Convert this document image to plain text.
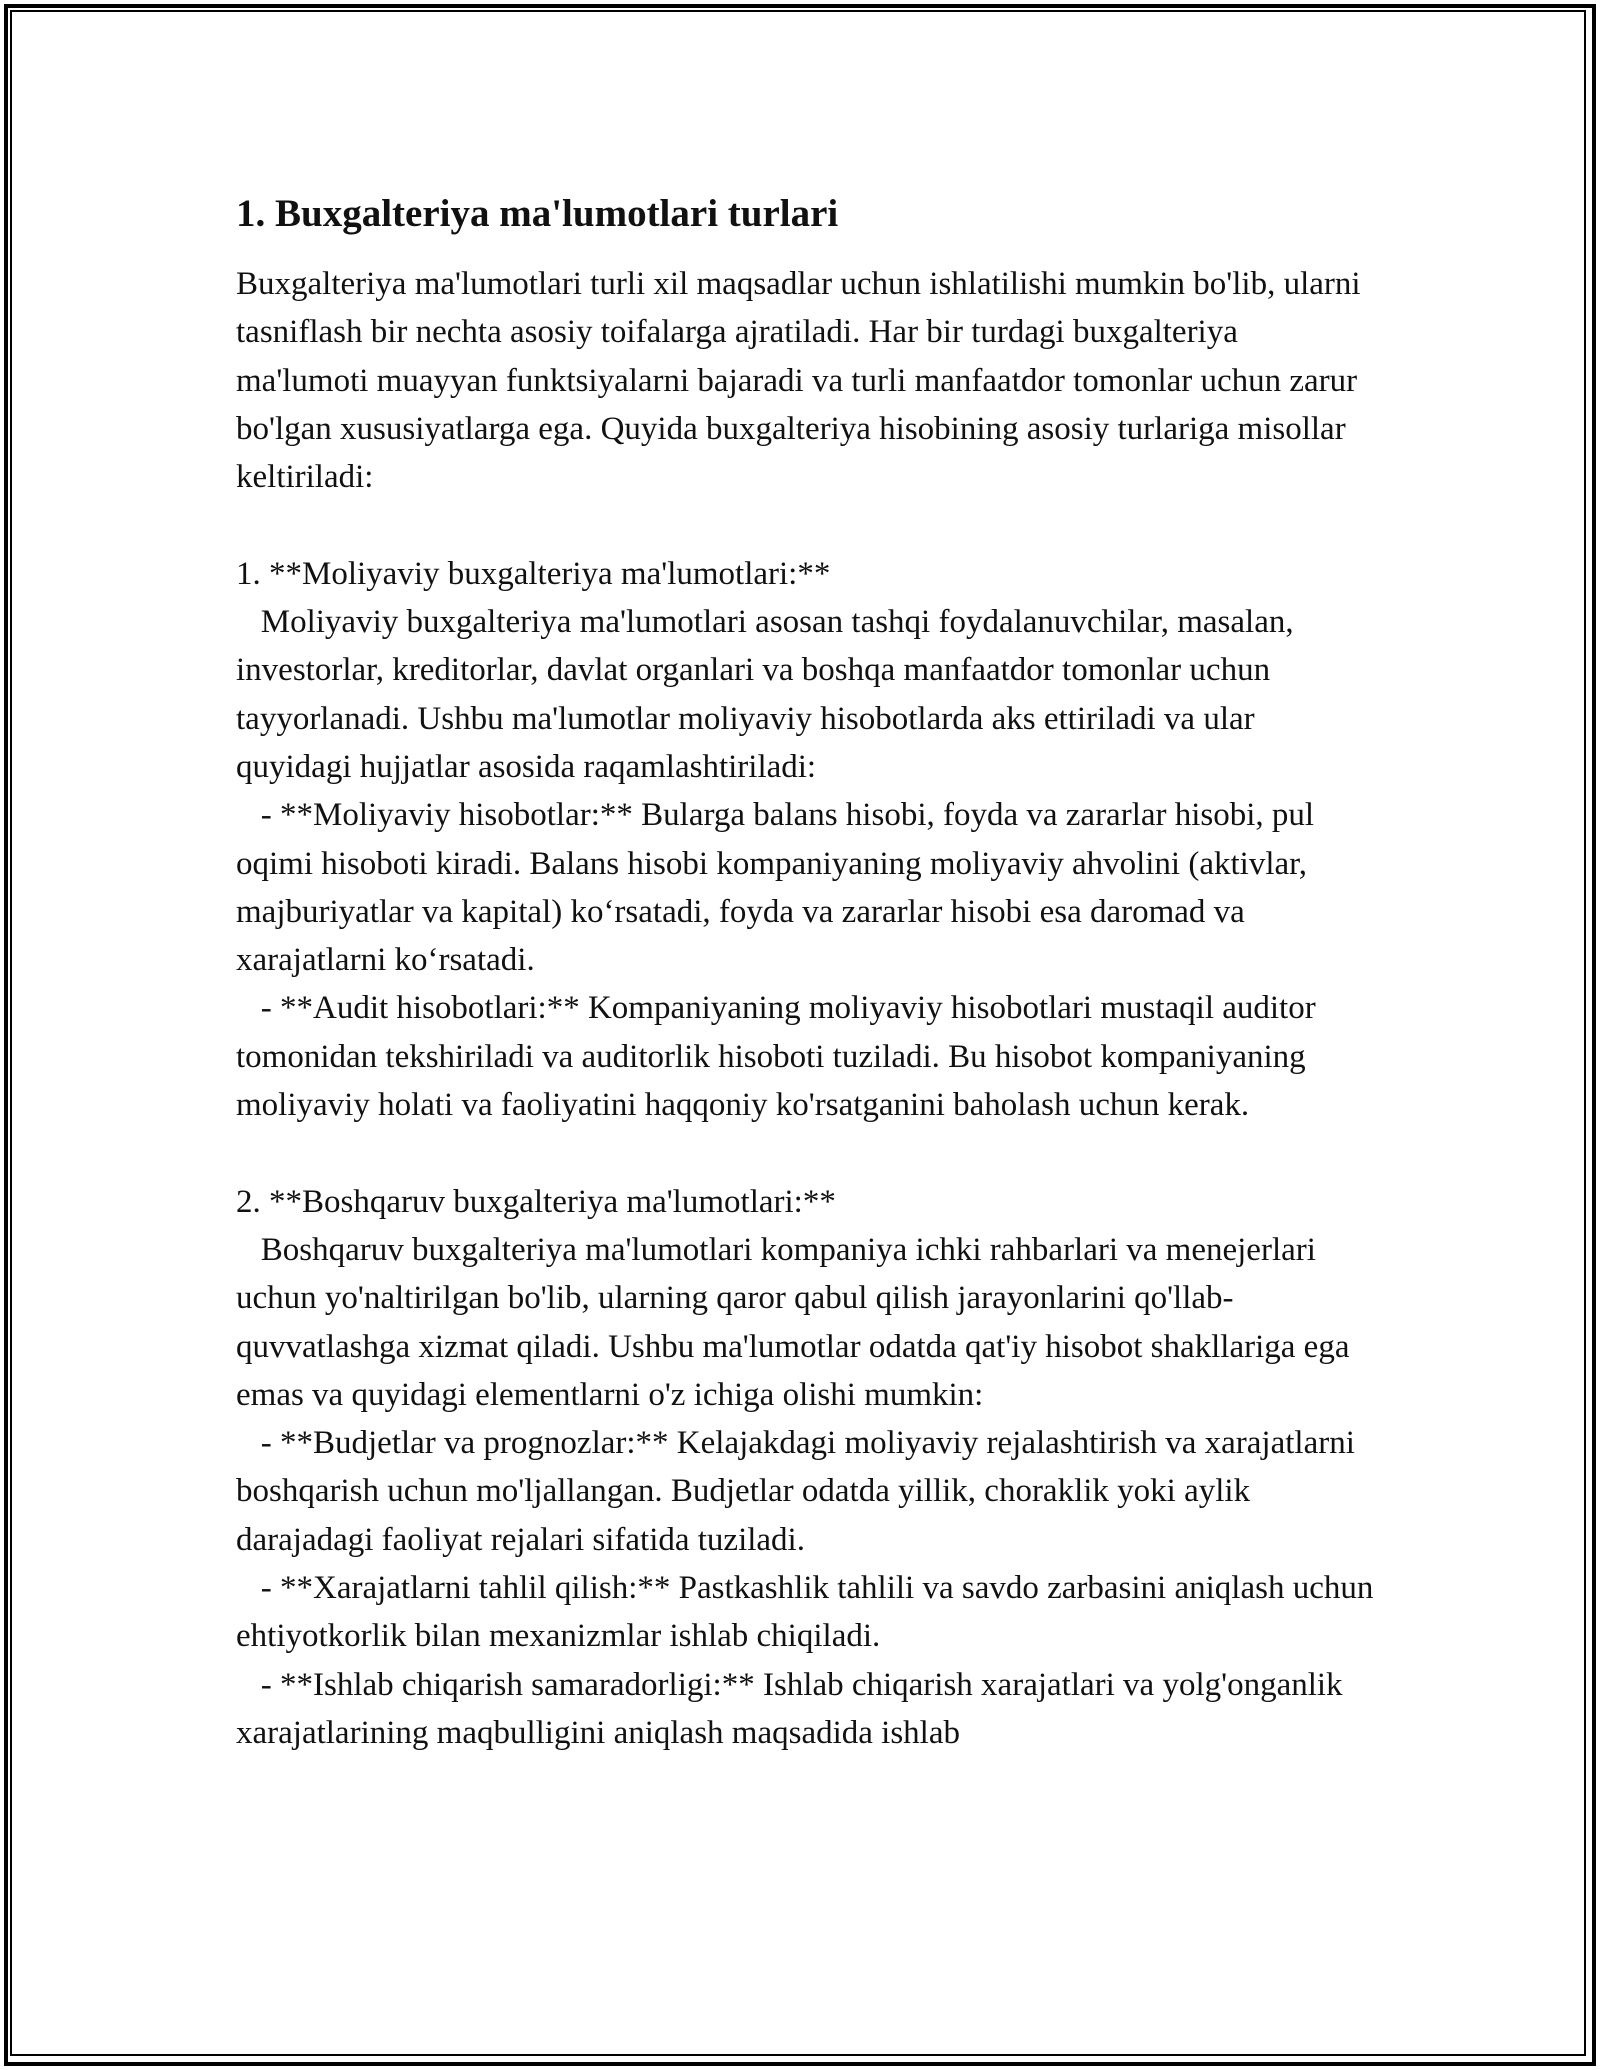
1. Buxgalteriya ma'lumotlari turlari

Buxgalteriya ma'lumotlari turli xil maqsadlar uchun ishlatilishi mumkin bo'lib, ularni tasniflash bir nechta asosiy toifalarga ajratiladi. Har bir turdagi buxgalteriya ma'lumoti muayyan funktsiyalarni bajaradi va turli manfaatdor tomonlar uchun zarur bo'lgan xususiyatlarga ega. Quyida buxgalteriya hisobining asosiy turlariga misollar keltiriladi:

1. **Moliyaviy buxgalteriya ma'lumotlari:**
Moliyaviy buxgalteriya ma'lumotlari asosan tashqi foydalanuvchilar, masalan, investorlar, kreditorlar, davlat organlari va boshqa manfaatdor tomonlar uchun tayyorlanadi. Ushbu ma'lumotlar moliyaviy hisobotlarda aks ettiriladi va ular quyidagi hujjatlar asosida raqamlashtiriladi:
- **Moliyaviy hisobotlar:** Bularga balans hisobi, foyda va zararlar hisobi, pul oqimi hisoboti kiradi. Balans hisobi kompaniyaning moliyaviy ahvolini (aktivlar, majburiyatlar va kapital) ko‘rsatadi, foyda va zararlar hisobi esa daromad va xarajatlarni ko‘rsatadi.
- **Audit hisobotlari:** Kompaniyaning moliyaviy hisobotlari mustaqil auditor tomonidan tekshiriladi va auditorlik hisoboti tuziladi. Bu hisobot kompaniyaning moliyaviy holati va faoliyatini haqqoniy ko'rsatganini baholash uchun kerak.

2. **Boshqaruv buxgalteriya ma'lumotlari:**
Boshqaruv buxgalteriya ma'lumotlari kompaniya ichki rahbarlari va menejerlari uchun yo'naltirilgan bo'lib, ularning qaror qabul qilish jarayonlarini qo'llab-quvvatlashga xizmat qiladi. Ushbu ma'lumotlar odatda qat'iy hisobot shakllariga ega emas va quyidagi elementlarni o'z ichiga olishi mumkin:
- **Budjetlar va prognozlar:** Kelajakdagi moliyaviy rejalashtirish va xarajatlarni boshqarish uchun mo'ljallangan. Budjetlar odatda yillik, choraklik yoki aylik darajadagi faoliyat rejalari sifatida tuziladi.
- **Xarajatlarni tahlil qilish:** Pastkashlik tahlili va savdo zarbasini aniqlash uchun ehtiyotkorlik bilan mexanizmlar ishlab chiqiladi.
- **Ishlab chiqarish samaradorligi:** Ishlab chiqarish xarajatlari va yolg'onganlik xarajatlarining maqbulligini aniqlash maqsadida ishlab
